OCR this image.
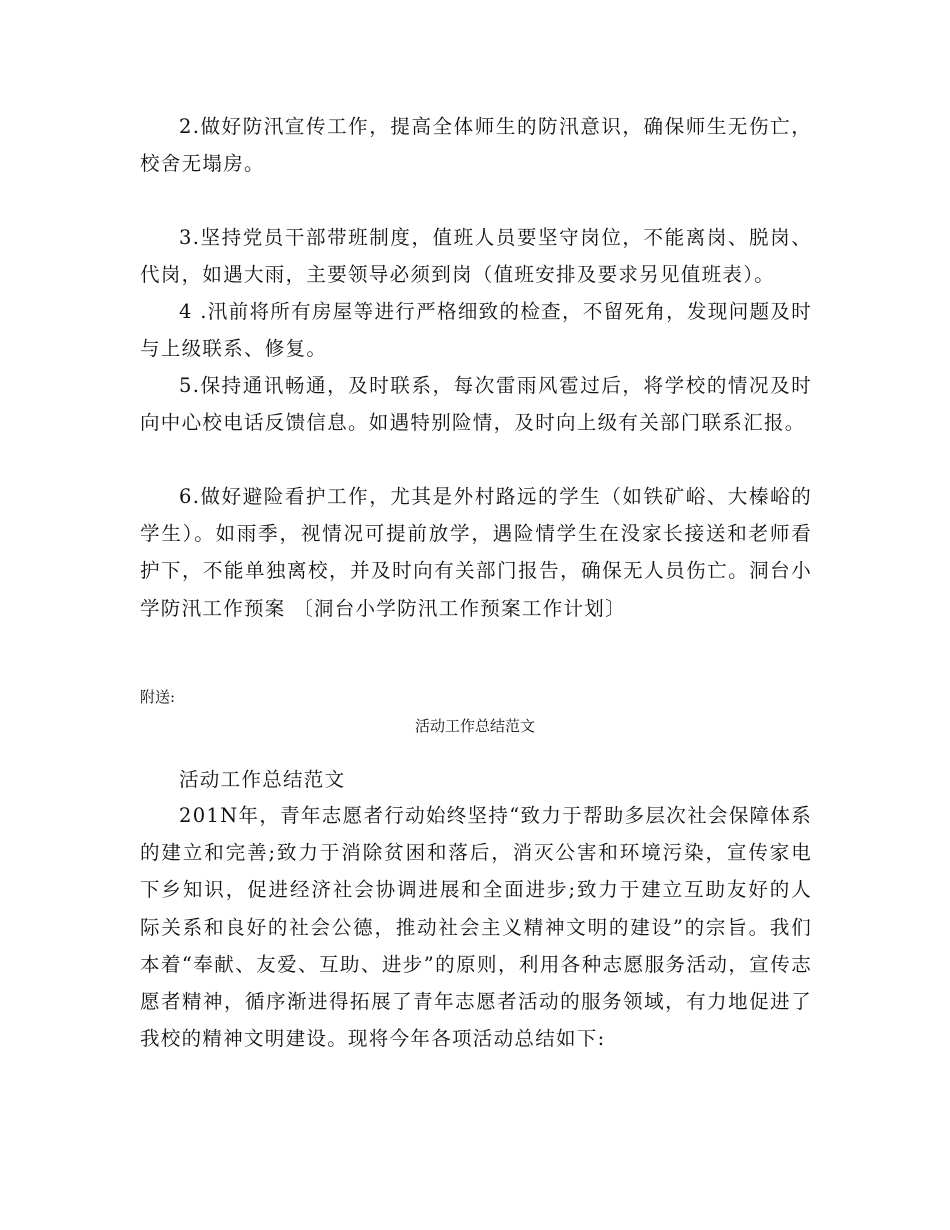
2.做好防汛宣传工作，提高全体师生的防汛意识，确保师生无伤亡，校舍无塌房。

3.坚持党员干部带班制度，值班人员要坚守岗位，不能离岗、脱岗、代岗，如遇大雨，主要领导必须到岗（值班安排及要求另见值班表）。

4 .汛前将所有房屋等进行严格细致的检查，不留死角，发现问题及时与上级联系、修复。

5.保持通讯畅通，及时联系，每次雷雨风雹过后，将学校的情况及时向中心校电话反馈信息。如遇特别险情，及时向上级有关部门联系汇报。

6.做好避险看护工作，尤其是外村路远的学生（如铁矿峪、大榛峪的学生）。如雨季，视情况可提前放学，遇险情学生在没家长接送和老师看护下，不能单独离校，并及时向有关部门报告，确保无人员伤亡。洞台小学防汛工作预案 〔洞台小学防汛工作预案工作计划〕

附送:
活动工作总结范文

活动工作总结范文

201N年，青年志愿者行动始终坚持“致力于帮助多层次社会保障体系的建立和完善;致力于消除贫困和落后，消灭公害和环境污染，宣传家电下乡知识，促进经济社会协调进展和全面进步;致力于建立互助友好的人际关系和良好的社会公德，推动社会主义精神文明的建设”的宗旨。我们本着“奉献、友爱、互助、进步”的原则，利用各种志愿服务活动，宣传志愿者精神，循序渐进得拓展了青年志愿者活动的服务领域，有力地促进了我校的精神文明建设。现将今年各项活动总结如下:
